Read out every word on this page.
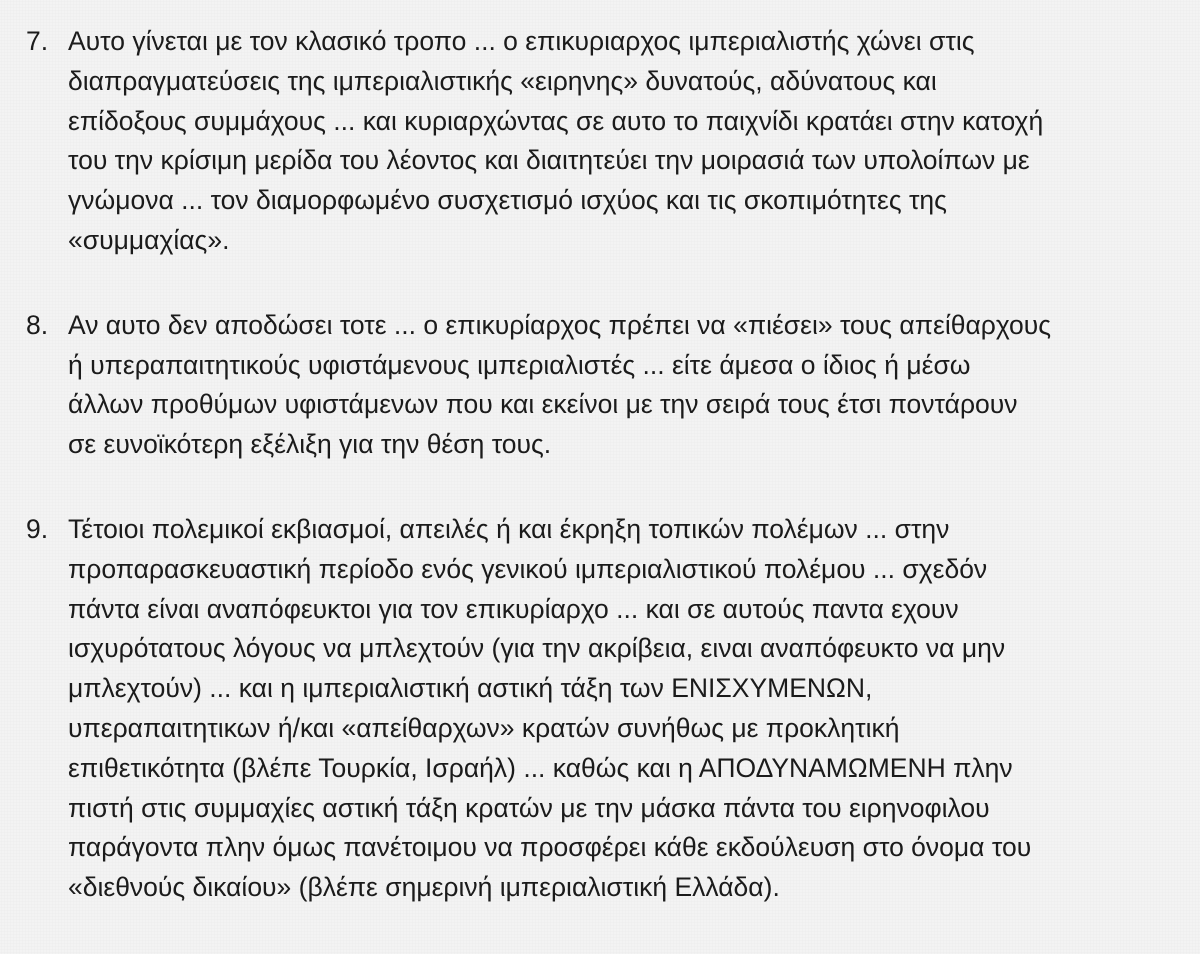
7. Αυτο γίνεται με τον κλασικό τροπο ... ο επικυριαρχος ιμπεριαλιστής χώνει στις
διαπραγματεύσεις της ιμπεριαλιστικής «ειρηνης» δυνατούς, αδύνατους και
επίδοξους συμμάχους ... και κυριαρχώντας σε αυτο το παιχνίδι κρατάει στην κατοχή
του την κρίσιμη μερίδα του λέοντος και διαιτητεύει την μοιρασιά των υπολοίπων με
γνώμονα ... τον διαμορφωμένο συσχετισμό ισχύος και τις σκοπιμότητες της
«συμμαχίας».
8. Αν αυτο δεν αποδώσει τοτε ... ο επικυρίαρχος πρέπει να «πιέσει» τους απείθαρχους
ή υπεραπαιτητικούς υφιστάμενους ιμπεριαλιστές ... είτε άμεσα ο ίδιος ή μέσω
άλλων προθύμων υφιστάμενων που και εκείνοι με την σειρά τους έτσι ποντάρουν
σε ευνοϊκότερη εξέλιξη για την θέση τους.
9. Τέτοιοι πολεμικοί εκβιασμοί, απειλές ή και έκρηξη τοπικών πολέμων ... στην
προπαρασκευαστική περίοδο ενός γενικού ιμπεριαλιστικού πολέμου ... σχεδόν
πάντα είναι αναπόφευκτοι για τον επικυρίαρχο ... και σε αυτούς παντα εχουν
ισχυρότατους λόγους να μπλεχτούν (για την ακρίβεια, ειναι αναπόφευκτο να μην
μπλεχτούν) ... και η ιμπεριαλιστική αστική τάξη των ΕΝΙΣΧΥΜΕΝΩΝ,
υπεραπαιτητικων ή/και «απείθαρχων» κρατών συνήθως με προκλητική
επιθετικότητα (βλέπε Τουρκία, Ισραήλ) ... καθώς και η ΑΠΟΔΥΝΑΜΩΜΕΝΗ πλην
πιστή στις συμμαχίες αστική τάξη κρατών με την μάσκα πάντα του ειρηνοφιλου
παράγοντα πλην όμως πανέτοιμου να προσφέρει κάθε εκδούλευση στο όνομα του
«διεθνούς δικαίου» (βλέπε σημερινή ιμπεριαλιστική Ελλάδα).
